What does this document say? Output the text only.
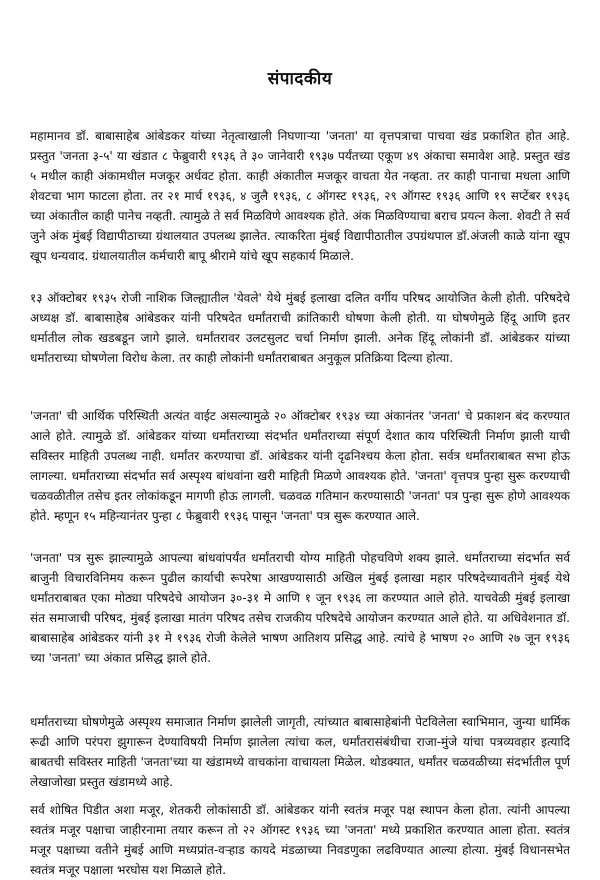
संपादकीय

महामानव डॉ. बाबासाहेब आंबेडकर यांच्या नेतृत्वाखाली निघणाऱ्या 'जनता' या वृत्तपत्राचा पाचवा खंड प्रकाशित होत आहे. प्रस्तुत 'जनता ३-५' या खंडात ८ फेब्रुवारी १९३६ ते ३० जानेवारी १९३७ पर्यंतच्या एकूण ४९ अंकाचा समावेश आहे. प्रस्तुत खंड ५ मधील काही अंकामधील मजकूर अर्धवट होता. काही अंकातील मजकूर वाचता येत नव्हता. तर काही पानाचा मधला आणि शेवटचा भाग फाटला होता. तर २१ मार्च १९३६, ४ जुलै १९३६, ८ ऑगस्ट १९३६, २९ ऑगस्ट १९३६ आणि १९ सप्टेंबर १९३६ च्या अंकातील काही पानेच नव्हती. त्यामुळे ते सर्व मिळविणे आवश्यक होते. अंक मिळविण्याचा बराच प्रयत्न केला. शेवटी ते सर्व जुने अंक मुंबई विद्यापीठाच्या ग्रंथालयात उपलब्ध झालेत. त्याकरिता मुंबई विद्यापीठातील उपग्रंथपाल डॉ.अंजली काळे यांना खूप खूप धन्यवाद. ग्रंथालयातील कर्मचारी बापू श्रीरामे यांचे खूप सहकार्य मिळाले.

१३ ऑक्टोबर १९३५ रोजी नाशिक जिल्ह्यातील 'येवले' येथे मुंबई इलाखा दलित वर्गीय परिषद आयोजित केली होती. परिषदेचे अध्यक्ष डॉ. बाबासाहेब आंबेडकर यांनी परिषदेत धर्मांतराची क्रांतिकारी घोषणा केली होती. या घोषणेमुळे हिंदू आणि इतर धर्मातील लोक खडबडून जागे झाले. धर्मांतरावर उलटसुलट चर्चा निर्माण झाली. अनेक हिंदू लोकांनी डॉ. आंबेडकर यांच्या धर्मांतराच्या घोषणेला विरोध केला. तर काही लोकांनी धर्मांतराबाबत अनुकूल प्रतिक्रिया दिल्या होत्या.

'जनता' ची आर्थिक परिस्थिती अत्यंत वाईट असल्यामुळे २० ऑक्टोबर १९३४ च्या अंकानंतर 'जनता' चे प्रकाशन बंद करण्यात आले होते. त्यामुळे डॉ. आंबेडकर यांच्या धर्मांतराच्या संदर्भात धर्मांतराच्या संपूर्ण देशात काय परिस्थिती निर्माण झाली याची सविस्तर माहिती उपलब्ध नाही. धर्मांतर करण्याचा डॉ. आंबेडकर यांनी दृढनिश्चय केला होता. सर्वत्र धर्मांतराबाबत सभा होऊ लागल्या. धर्मांतराच्या संदर्भात सर्व अस्पृश्य बांधवांना खरी माहिती मिळणे आवश्यक होते. 'जनता' वृत्तपत्र पुन्हा सुरू करण्याची चळवळीतील तसेच इतर लोकांकडून मागणी होऊ लागली. चळवळ गतिमान करण्यासाठी 'जनता' पत्र पुन्हा सुरू होणे आवश्यक होते. म्हणून १५ महिन्यानंतर पुन्हा ८ फेब्रुवारी १९३६ पासून 'जनता' पत्र सुरू करण्यात आले.

'जनता' पत्र सुरू झाल्यामुळे आपल्या बांधवांपर्यंत धर्मांतराची योग्य माहिती पोहचविणे शक्य झाले. धर्मांतराच्या संदर्भात सर्व बाजुनी विचारविनिमय करून पुढील कार्याची रूपरेषा आखण्यासाठी अखिल मुंबई इलाखा महार परिषदेच्यावतीने मुंबई येथे धर्मांतराबाबत एका मोठ्या परिषदेचे आयोजन ३०-३१ मे आणि १ जून १९३६ ला करण्यात आले होते. याचवेळी मुंबई इलाखा संत समाजाची परिषद, मुंबई इलाखा मातंग परिषद तसेच राजकीय परिषदेचे आयोजन करण्यात आले होते. या अधिवेशनात डॉ. बाबासाहेब आंबेडकर यांनी ३१ मे १९३६ रोजी केलेले भाषण आतिशय प्रसिद्ध आहे. त्यांचे हे भाषण २० आणि २७ जून १९३६ च्या 'जनता' च्या अंकात प्रसिद्ध झाले होते.

धर्मांतराच्या घोषणेमुळे अस्पृश्य समाजात निर्माण झालेली जागृती, त्यांच्यात बाबासाहेबांनी पेटविलेला स्वाभिमान, जुन्या धार्मिक रूढी आणि परंपरा झुगारून देण्याविषयी निर्माण झालेला त्यांचा कल, धर्मांतरासंबंधीचा राजा-मुंजे यांचा पत्रव्यवहार इत्यादि बाबतची सविस्तर माहिती 'जनता'च्या या खंडामध्ये वाचकांना वाचायला मिळेल. थोडक्यात, धर्मांतर चळवळीच्या संदर्भातील पूर्ण लेखाजोखा प्रस्तुत खंडामध्ये आहे.

सर्व शोषित पिडीत अशा मजूर, शेतकरी लोकांसाठी डॉ. आंबेडकर यांनी स्वतंत्र मजूर पक्ष स्थापन केला होता. त्यांनी आपल्या स्वतंत्र मजूर पक्षाचा जाहीरनामा तयार करून तो २२ ऑगस्ट १९३६ च्या 'जनता' मध्ये प्रकाशित करण्यात आला होता. स्वतंत्र मजूर पक्षाच्या वतीने मुंबई आणि मध्यप्रांत-वऱ्हाड कायदे मंडळाच्या निवडणुका लढविण्यात आल्या होत्या. मुंबई विधानसभेत स्वतंत्र मजूर पक्षाला भरघोस यश मिळाले होते.
